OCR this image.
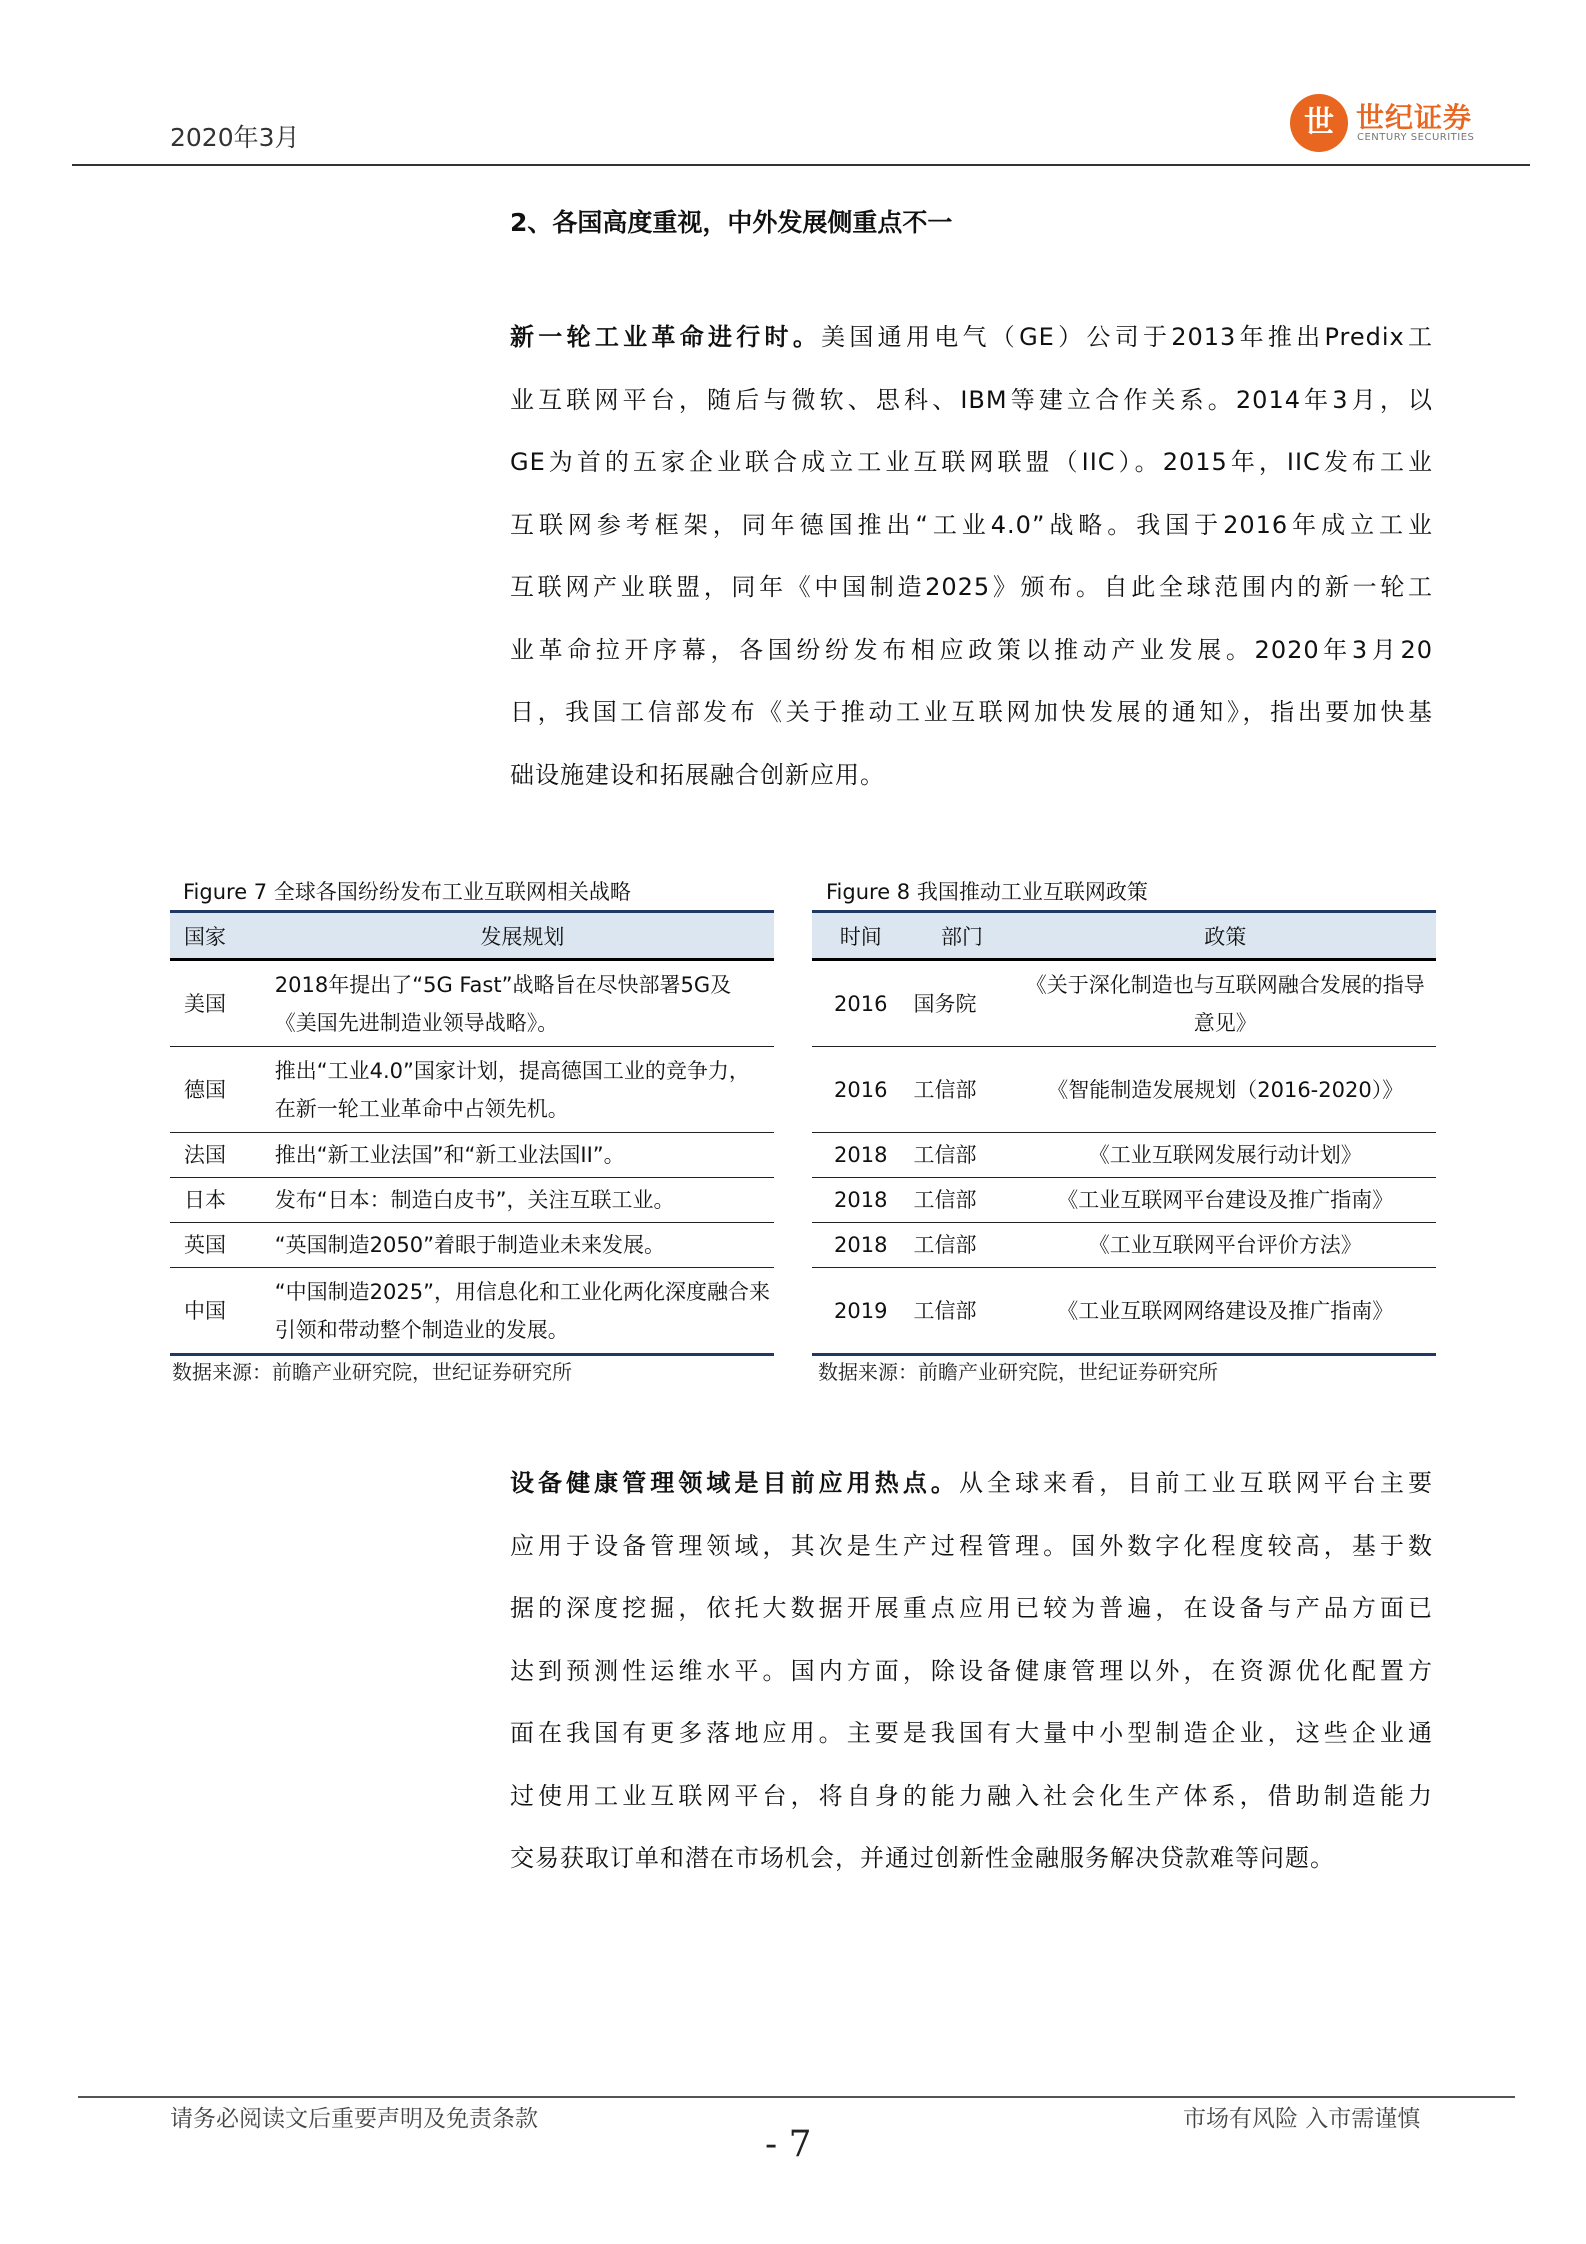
2020年3月	世 世纪证券
CENTURY SECURITIES
2、各国高度重视，中外发展侧重点不一
新一轮工业革命进行时。美国通用电气（GE）公司于2013年推出Predix工
业互联网平台，随后与微软、思科、IBM等建立合作关系。2014年3月，以
GE为首的五家企业联合成立工业互联网联盟（IIC）。2015年，IIC发布工业
互联网参考框架，同年德国推出“工业4.0”战略。我国于2016年成立工业
互联网产业联盟，同年《中国制造2025》颁布。自此全球范围内的新一轮工
业革命拉开序幕，各国纷纷发布相应政策以推动产业发展。2020年3月20
日，我国工信部发布《关于推动工业互联网加快发展的通知》，指出要加快基
础设施建设和拓展融合创新应用。
Figure 7 全球各国纷纷发布工业互联网相关战略
国家	发展规划
美国	2018年提出了“5G Fast”战略旨在尽快部署5G及《美国先进制造业领导战略》。
德国	推出“工业4.0”国家计划，提高德国工业的竞争力，在新一轮工业革命中占领先机。
法国	推出“新工业法国”和“新工业法国II”。
日本	发布“日本：制造白皮书”，关注互联工业。
英国	“英国制造2050”着眼于制造业未来发展。
中国	“中国制造2025”，用信息化和工业化两化深度融合来引领和带动整个制造业的发展。
数据来源：前瞻产业研究院，世纪证券研究所
Figure 8 我国推动工业互联网政策
时间	部门	政策
2016	国务院	《关于深化制造也与互联网融合发展的指导意见》
2016	工信部	《智能制造发展规划（2016-2020）》
2018	工信部	《工业互联网发展行动计划》
2018	工信部	《工业互联网平台建设及推广指南》
2018	工信部	《工业互联网平台评价方法》
2019	工信部	《工业互联网网络建设及推广指南》
数据来源：前瞻产业研究院，世纪证券研究所
设备健康管理领域是目前应用热点。从全球来看，目前工业互联网平台主要
应用于设备管理领域，其次是生产过程管理。国外数字化程度较高，基于数
据的深度挖掘，依托大数据开展重点应用已较为普遍，在设备与产品方面已
达到预测性运维水平。国内方面，除设备健康管理以外，在资源优化配置方
面在我国有更多落地应用。主要是我国有大量中小型制造企业，这些企业通
过使用工业互联网平台，将自身的能力融入社会化生产体系，借助制造能力
交易获取订单和潜在市场机会，并通过创新性金融服务解决贷款难等问题。
请务必阅读文后重要声明及免责条款	市场有风险 入市需谨慎
- 7
